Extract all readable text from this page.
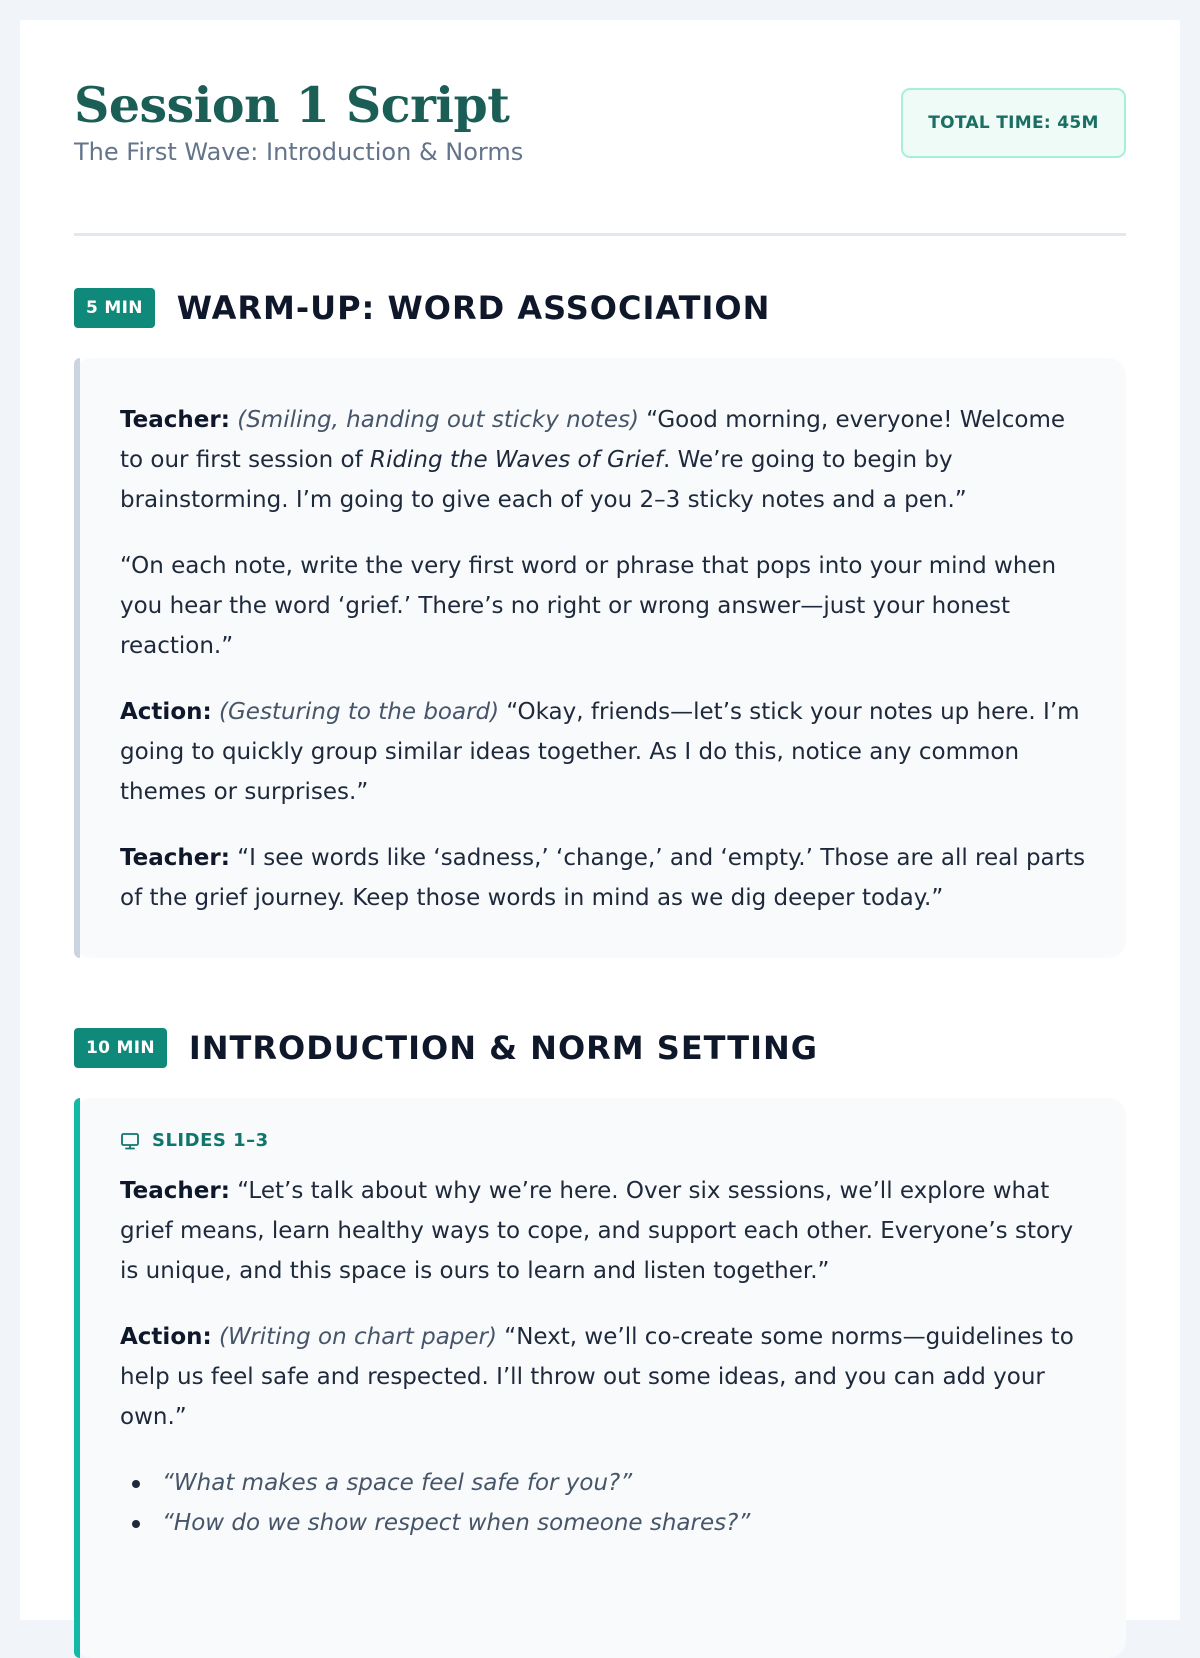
Session 1 Script
The First Wave: Introduction & Norms
TOTAL TIME: 45M
5 MIN	WARM-UP: WORD ASSOCIATION

Teacher: (Smiling, handing out sticky notes) “Good morning, everyone! Welcome to our first session of Riding the Waves of Grief. We’re going to begin by brainstorming. I’m going to give each of you 2–3 sticky notes and a pen.”

“On each note, write the very first word or phrase that pops into your mind when you hear the word ‘grief.’ There’s no right or wrong answer—just your honest reaction.”

Action: (Gesturing to the board) “Okay, friends—let’s stick your notes up here. I’m going to quickly group similar ideas together. As I do this, notice any common themes or surprises.”

Teacher: “I see words like ‘sadness,’ ‘change,’ and ‘empty.’ Those are all real parts of the grief journey. Keep those words in mind as we dig deeper today.”

10 MIN	INTRODUCTION & NORM SETTING
SLIDES 1–3

Teacher: “Let’s talk about why we’re here. Over six sessions, we’ll explore what grief means, learn healthy ways to cope, and support each other. Everyone’s story is unique, and this space is ours to learn and listen together.”

Action: (Writing on chart paper) “Next, we’ll co-create some norms—guidelines to help us feel safe and respected. I’ll throw out some ideas, and you can add your own.”

“What makes a space feel safe for you?”
“How do we show respect when someone shares?”
